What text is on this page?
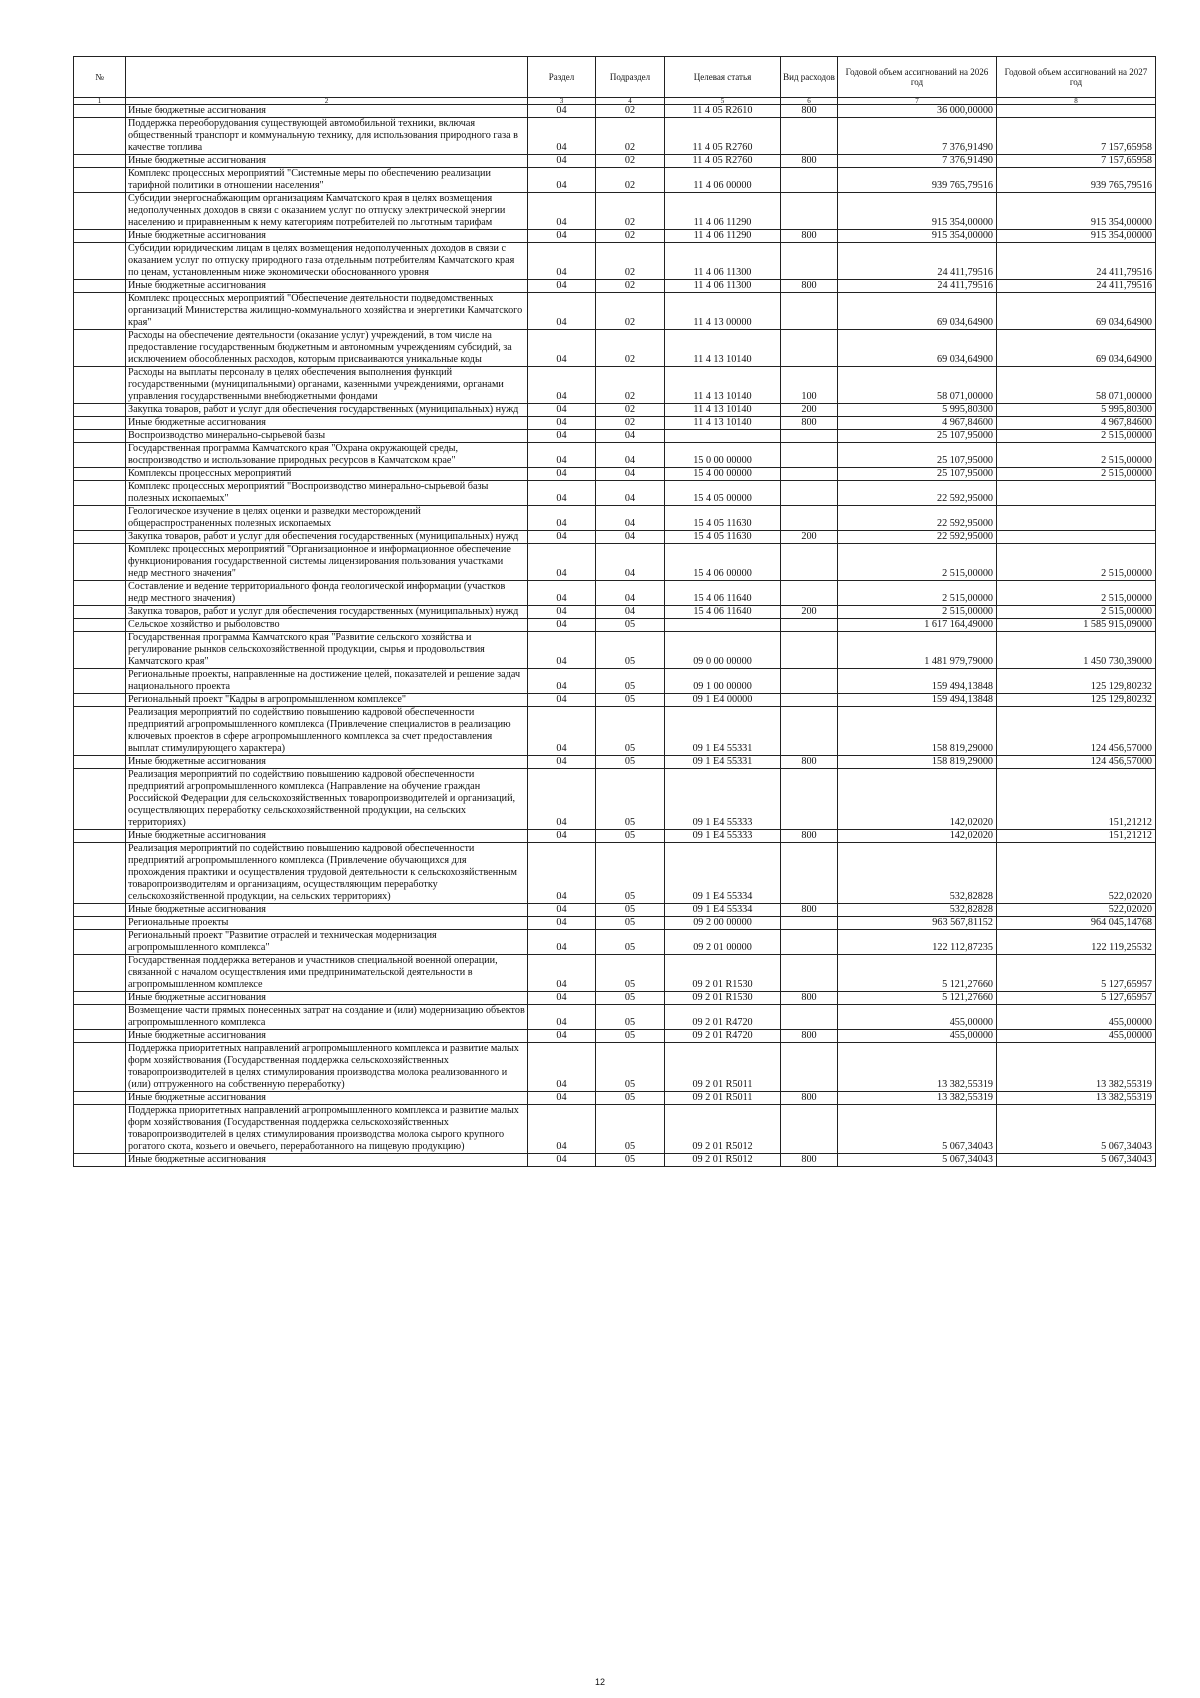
№		Раздел	Подраздел	Целевая статья	Вид расходов	Годовой объем ассигнований на 2026 год	Годовой объем ассигнований на 2027 год
1	2	3	4	5	6	7	8
	Иные бюджетные ассигнования	04	02	11 4 05 R2610	800	36 000,00000	
	Поддержка переоборудования существующей автомобильной техники, включая общественный транспорт и коммунальную технику, для использования природного газа в качестве топлива	04	02	11 4 05 R2760		7 376,91490	7 157,65958
	Иные бюджетные ассигнования	04	02	11 4 05 R2760	800	7 376,91490	7 157,65958
	Комплекс процессных мероприятий "Системные меры по обеспечению реализации тарифной политики в отношении населения"	04	02	11 4 06 00000		939 765,79516	939 765,79516
	Субсидии энергоснабжающим организациям Камчатского края в целях возмещения недополученных доходов в связи с оказанием услуг по отпуску электрической энергии населению и приравненным к нему категориям потребителей по льготным тарифам	04	02	11 4 06 11290		915 354,00000	915 354,00000
	Иные бюджетные ассигнования	04	02	11 4 06 11290	800	915 354,00000	915 354,00000
	Субсидии юридическим лицам в целях возмещения недополученных доходов в связи с оказанием услуг по отпуску природного газа отдельным потребителям Камчатского края по ценам, установленным ниже экономически обоснованного уровня	04	02	11 4 06 11300		24 411,79516	24 411,79516
	Иные бюджетные ассигнования	04	02	11 4 06 11300	800	24 411,79516	24 411,79516
	Комплекс процессных мероприятий "Обеспечение деятельности подведомственных организаций Министерства жилищно-коммунального хозяйства и энергетики Камчатского края"	04	02	11 4 13 00000		69 034,64900	69 034,64900
	Расходы на обеспечение деятельности (оказание услуг) учреждений, в том числе на предоставление государственным бюджетным и автономным учреждениям субсидий, за исключением обособленных расходов, которым присваиваются уникальные коды	04	02	11 4 13 10140		69 034,64900	69 034,64900
	Расходы на выплаты персоналу в целях обеспечения выполнения функций государственными (муниципальными) органами, казенными учреждениями, органами управления государственными внебюджетными фондами	04	02	11 4 13 10140	100	58 071,00000	58 071,00000
	Закупка товаров, работ и услуг для обеспечения государственных (муниципальных) нужд	04	02	11 4 13 10140	200	5 995,80300	5 995,80300
	Иные бюджетные ассигнования	04	02	11 4 13 10140	800	4 967,84600	4 967,84600
	Воспроизводство минерально-сырьевой базы	04	04			25 107,95000	2 515,00000
	Государственная программа Камчатского края "Охрана окружающей среды, воспроизводство и использование природных ресурсов в Камчатском крае"	04	04	15 0 00 00000		25 107,95000	2 515,00000
	Комплексы процессных мероприятий	04	04	15 4 00 00000		25 107,95000	2 515,00000
	Комплекс процессных мероприятий "Воспроизводство минерально-сырьевой базы полезных ископаемых"	04	04	15 4 05 00000		22 592,95000	
	Геологическое изучение в целях оценки и разведки месторождений общераспространенных полезных ископаемых	04	04	15 4 05 11630		22 592,95000	
	Закупка товаров, работ и услуг для обеспечения государственных (муниципальных) нужд	04	04	15 4 05 11630	200	22 592,95000	
	Комплекс процессных мероприятий "Организационное и информационное обеспечение функционирования государственной системы лицензирования пользования участками недр местного значения"	04	04	15 4 06 00000		2 515,00000	2 515,00000
	Составление и ведение территориального фонда геологической информации (участков недр местного значения)	04	04	15 4 06 11640		2 515,00000	2 515,00000
	Закупка товаров, работ и услуг для обеспечения государственных (муниципальных) нужд	04	04	15 4 06 11640	200	2 515,00000	2 515,00000
	Сельское хозяйство и рыболовство	04	05			1 617 164,49000	1 585 915,09000
	Государственная программа Камчатского края "Развитие сельского хозяйства и регулирование рынков сельскохозяйственной продукции, сырья и продовольствия Камчатского края"	04	05	09 0 00 00000		1 481 979,79000	1 450 730,39000
	Региональные проекты, направленные на достижение целей, показателей и решение задач национального проекта	04	05	09 1 00 00000		159 494,13848	125 129,80232
	Региональный проект "Кадры в агропромышленном комплексе"	04	05	09 1 E4 00000		159 494,13848	125 129,80232
	Реализация мероприятий по содействию повышению кадровой обеспеченности предприятий агропромышленного комплекса (Привлечение специалистов в реализацию ключевых проектов в сфере агропромышленного комплекса за счет предоставления выплат стимулирующего характера)	04	05	09 1 E4 55331		158 819,29000	124 456,57000
	Иные бюджетные ассигнования	04	05	09 1 E4 55331	800	158 819,29000	124 456,57000
	Реализация мероприятий по содействию повышению кадровой обеспеченности предприятий агропромышленного комплекса (Направление на обучение граждан Российской Федерации для сельскохозяйственных товаропроизводителей и организаций, осуществляющих переработку сельскохозяйственной продукции, на сельских территориях)	04	05	09 1 E4 55333		142,02020	151,21212
	Иные бюджетные ассигнования	04	05	09 1 E4 55333	800	142,02020	151,21212
	Реализация мероприятий по содействию повышению кадровой обеспеченности предприятий агропромышленного комплекса (Привлечение обучающихся для прохождения практики и осуществления трудовой деятельности к сельскохозяйственным товаропроизводителям и организациям, осуществляющим переработку сельскохозяйственной продукции, на сельских территориях)	04	05	09 1 E4 55334		532,82828	522,02020
	Иные бюджетные ассигнования	04	05	09 1 E4 55334	800	532,82828	522,02020
	Региональные проекты	04	05	09 2 00 00000		963 567,81152	964 045,14768
	Региональный проект "Развитие отраслей и техническая модернизация агропромышленного комплекса"	04	05	09 2 01 00000		122 112,87235	122 119,25532
	Государственная поддержка ветеранов и участников специальной военной операции, связанной с началом осуществления ими предпринимательской деятельности в агропромышленном комплексе	04	05	09 2 01 R1530		5 121,27660	5 127,65957
	Иные бюджетные ассигнования	04	05	09 2 01 R1530	800	5 121,27660	5 127,65957
	Возмещение части прямых понесенных затрат на создание и (или) модернизацию объектов агропромышленного комплекса	04	05	09 2 01 R4720		455,00000	455,00000
	Иные бюджетные ассигнования	04	05	09 2 01 R4720	800	455,00000	455,00000
	Поддержка приоритетных направлений агропромышленного комплекса и развитие малых форм хозяйствования (Государственная поддержка сельскохозяйственных товаропроизводителей в целях стимулирования производства молока реализованного и (или) отгруженного на собственную переработку)	04	05	09 2 01 R5011		13 382,55319	13 382,55319
	Иные бюджетные ассигнования	04	05	09 2 01 R5011	800	13 382,55319	13 382,55319
	Поддержка приоритетных направлений агропромышленного комплекса и развитие малых форм хозяйствования (Государственная поддержка сельскохозяйственных товаропроизводителей в целях стимулирования производства молока сырого крупного рогатого скота, козьего и овечьего, переработанного на пищевую продукцию)	04	05	09 2 01 R5012		5 067,34043	5 067,34043
	Иные бюджетные ассигнования	04	05	09 2 01 R5012	800	5 067,34043	5 067,34043
12
